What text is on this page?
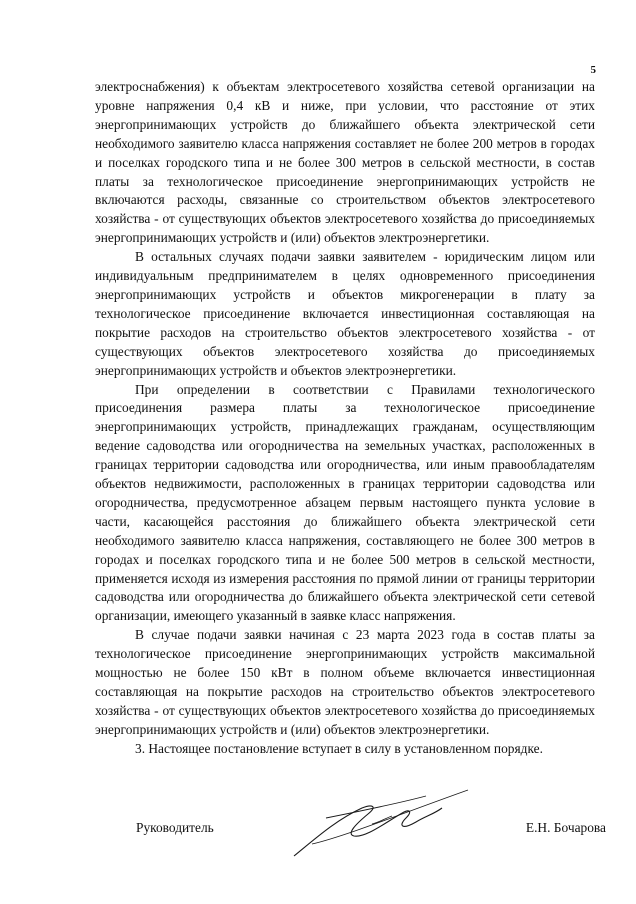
5

электроснабжения) к объектам электросетевого хозяйства сетевой организации на уровне напряжения 0,4 кВ и ниже, при условии, что расстояние от этих энергопринимающих устройств до ближайшего объекта электрической сети необходимого заявителю класса напряжения составляет не более 200 метров в городах и поселках городского типа и не более 300 метров в сельской местности, в состав платы за технологическое присоединение энергопринимающих устройств не включаются расходы, связанные со строительством объектов электросетевого хозяйства - от существующих объектов электросетевого хозяйства до присоединяемых энергопринимающих устройств и (или) объектов электроэнергетики.

В остальных случаях подачи заявки заявителем - юридическим лицом или индивидуальным предпринимателем в целях одновременного присоединения энергопринимающих устройств и объектов микрогенерации в плату за технологическое присоединение включается инвестиционная составляющая на покрытие расходов на строительство объектов электросетевого хозяйства - от существующих объектов электросетевого хозяйства до присоединяемых энергопринимающих устройств и объектов электроэнергетики.

При определении в соответствии с Правилами технологического присоединения размера платы за технологическое присоединение энергопринимающих устройств, принадлежащих гражданам, осуществляющим ведение садоводства или огородничества на земельных участках, расположенных в границах территории садоводства или огородничества, или иным правообладателям объектов недвижимости, расположенных в границах территории садоводства или огородничества, предусмотренное абзацем первым настоящего пункта условие в части, касающейся расстояния до ближайшего объекта электрической сети необходимого заявителю класса напряжения, составляющего не более 300 метров в городах и поселках городского типа и не более 500 метров в сельской местности, применяется исходя из измерения расстояния по прямой линии от границы территории садоводства или огородничества до ближайшего объекта электрической сети сетевой организации, имеющего указанный в заявке класс напряжения.

В случае подачи заявки начиная с 23 марта 2023 года в состав платы за технологическое присоединение энергопринимающих устройств максимальной мощностью не более 150 кВт в полном объеме включается инвестиционная составляющая на покрытие расходов на строительство объектов электросетевого хозяйства - от существующих объектов электросетевого хозяйства до присоединяемых энергопринимающих устройств и (или) объектов электроэнергетики.

3. Настоящее постановление вступает в силу в установленном порядке.

Руководитель	Е.Н. Бочарова
